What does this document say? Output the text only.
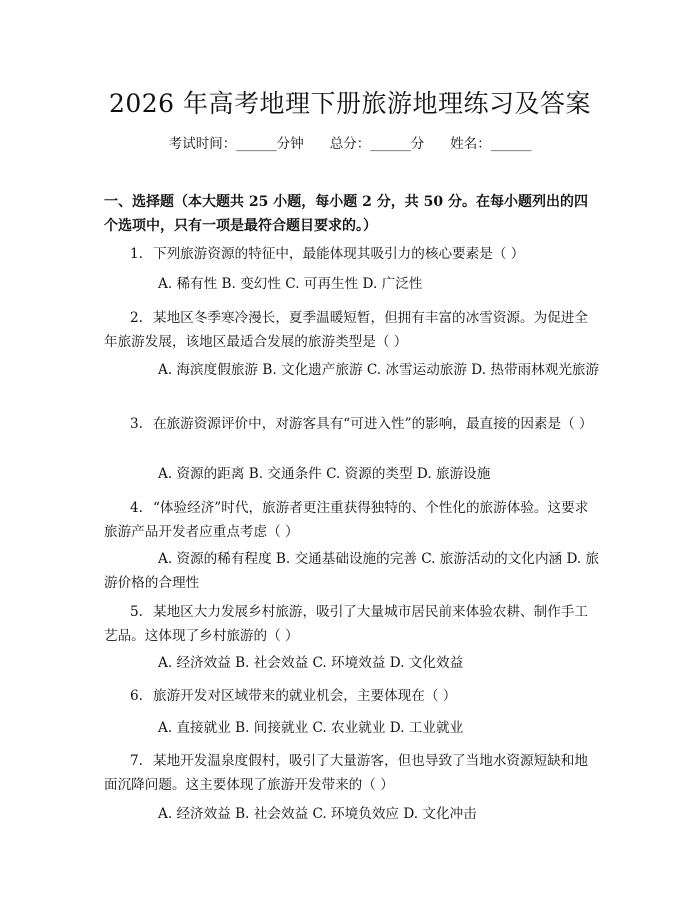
2026 年高考地理下册旅游地理练习及答案
考试时间：______分钟 总分：______分 姓名：______
一、选择题（本大题共 25 小题，每小题 2 分，共 50 分。在每小题列出的四个选项中，只有一项是最符合题目要求的。）
1. 下列旅游资源的特征中，最能体现其吸引力的核心要素是（ ）
A. 稀有性 B. 变幻性 C. 可再生性 D. 广泛性
2. 某地区冬季寒冷漫长，夏季温暖短暂，但拥有丰富的冰雪资源。为促进全年旅游发展，该地区最适合发展的旅游类型是（ ）
A. 海滨度假旅游 B. 文化遗产旅游 C. 冰雪运动旅游 D. 热带雨林观光旅游
3. 在旅游资源评价中，对游客具有“可进入性”的影响，最直接的因素是（ ）
A. 资源的距离 B. 交通条件 C. 资源的类型 D. 旅游设施
4. “体验经济”时代，旅游者更注重获得独特的、个性化的旅游体验。这要求旅游产品开发者应重点考虑（ ）
A. 资源的稀有程度 B. 交通基础设施的完善 C. 旅游活动的文化内涵 D. 旅游价格的合理性
5. 某地区大力发展乡村旅游，吸引了大量城市居民前来体验农耕、制作手工艺品。这体现了乡村旅游的（ ）
A. 经济效益 B. 社会效益 C. 环境效益 D. 文化效益
6. 旅游开发对区域带来的就业机会，主要体现在（ ）
A. 直接就业 B. 间接就业 C. 农业就业 D. 工业就业
7. 某地开发温泉度假村，吸引了大量游客，但也导致了当地水资源短缺和地面沉降问题。这主要体现了旅游开发带来的（ ）
A. 经济效益 B. 社会效益 C. 环境负效应 D. 文化冲击
